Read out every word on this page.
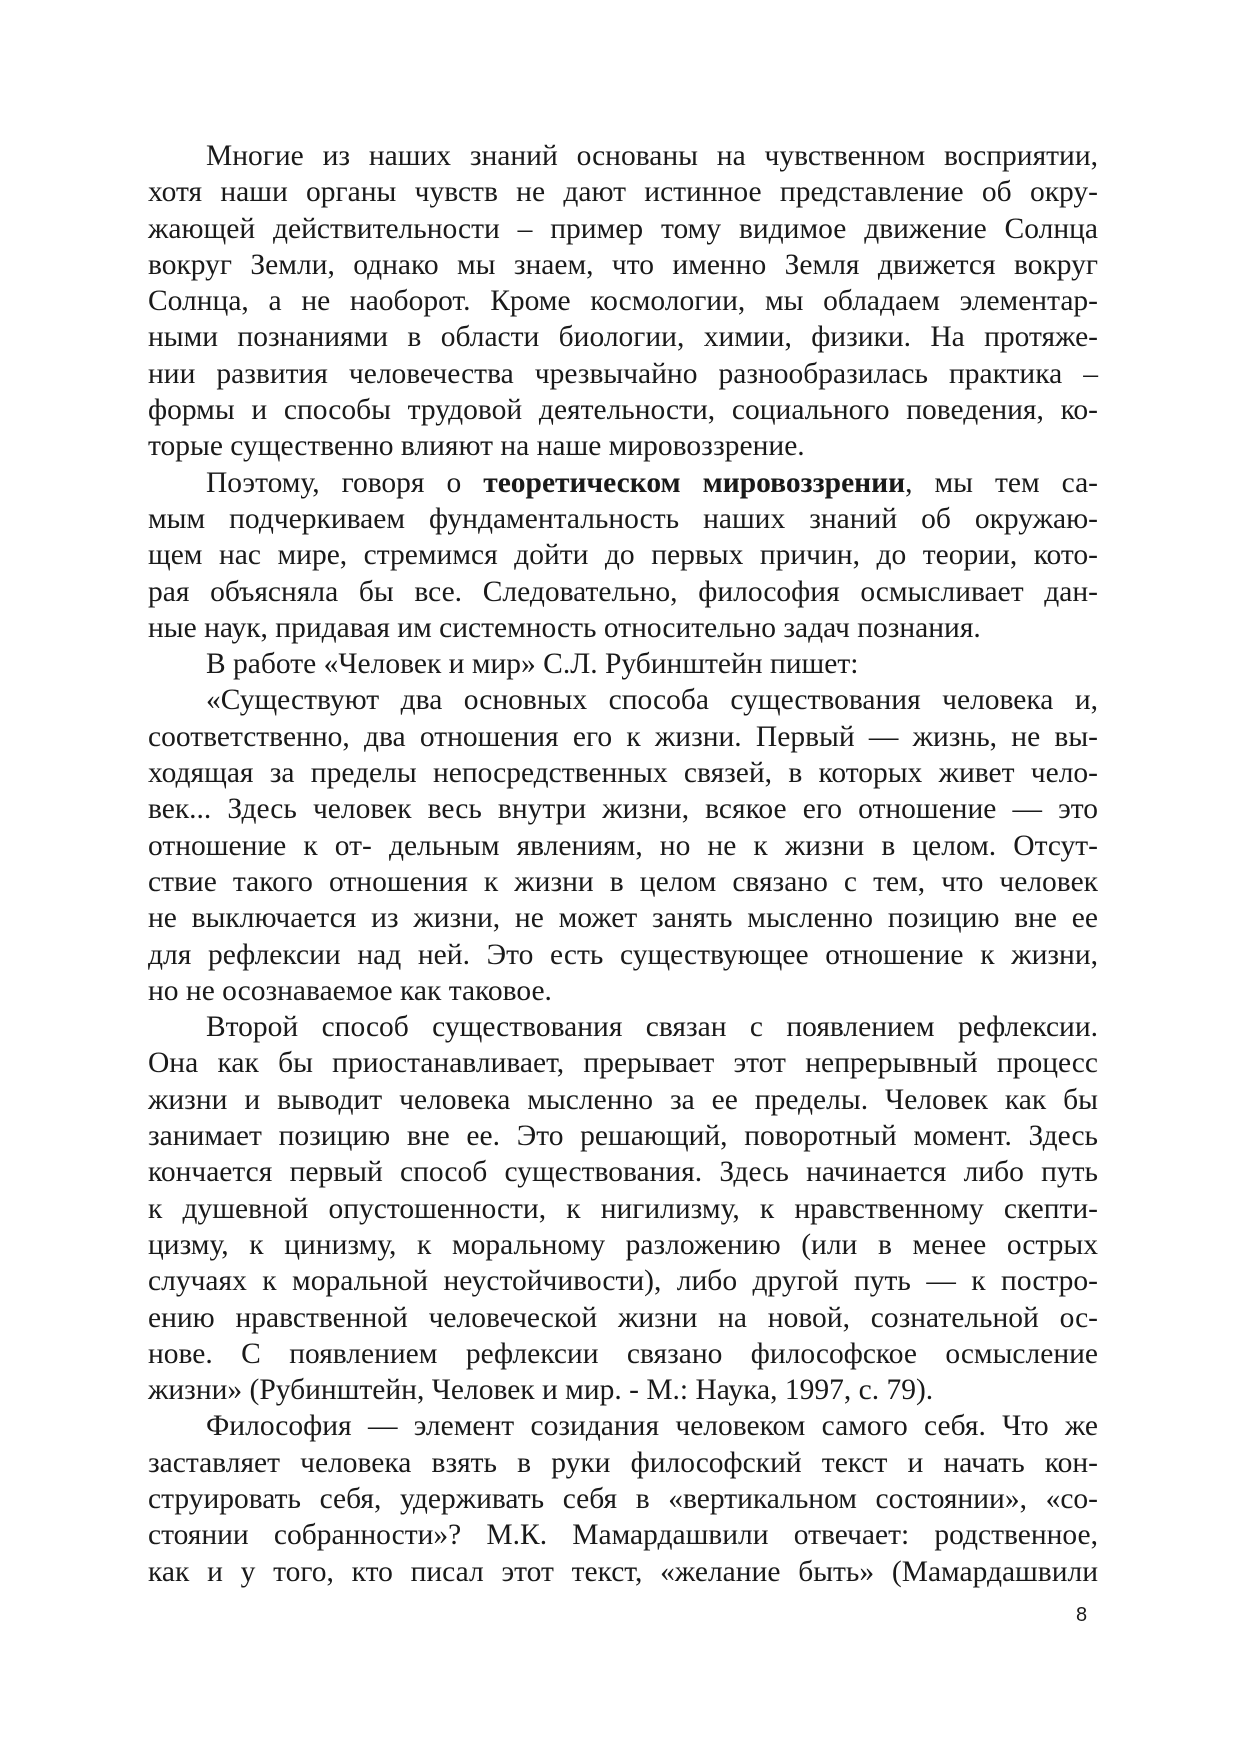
Многие из наших знаний основаны на чувственном восприятии,
хотя наши органы чувств не дают истинное представление об окру-
жающей действительности – пример тому видимое движение Солнца
вокруг Земли, однако мы знаем, что именно Земля движется вокруг
Солнца, а не наоборот. Кроме космологии, мы обладаем элементар-
ными познаниями в области биологии, химии, физики. На протяже-
нии развития человечества чрезвычайно разнообразилась практика –
формы и способы трудовой деятельности, социального поведения, ко-
торые существенно влияют на наше мировоззрение.

Поэтому, говоря о теоретическом мировоззрении, мы тем са-
мым подчеркиваем фундаментальность наших знаний об окружаю-
щем нас мире, стремимся дойти до первых причин, до теории, кото-
рая объясняла бы все. Следовательно, философия осмысливает дан-
ные наук, придавая им системность относительно задач познания.

В работе «Человек и мир» С.Л. Рубинштейн пишет:

«Существуют два основных способа существования человека и,
соответственно, два отношения его к жизни. Первый — жизнь, не вы-
ходящая за пределы непосредственных связей, в которых живет чело-
век... Здесь человек весь внутри жизни, всякое его отношение — это
отношение к от- дельным явлениям, но не к жизни в целом. Отсут-
ствие такого отношения к жизни в целом связано с тем, что человек
не выключается из жизни, не может занять мысленно позицию вне ее
для рефлексии над ней. Это есть существующее отношение к жизни,
но не осознаваемое как таковое.

Второй способ существования связан с появлением рефлексии.
Она как бы приостанавливает, прерывает этот непрерывный процесс
жизни и выводит человека мысленно за ее пределы. Человек как бы
занимает позицию вне ее. Это решающий, поворотный момент. Здесь
кончается первый способ существования. Здесь начинается либо путь
к душевной опустошенности, к нигилизму, к нравственному скепти-
цизму, к цинизму, к моральному разложению (или в менее острых
случаях к моральной неустойчивости), либо другой путь — к постро-
ению нравственной человеческой жизни на новой, сознательной ос-
нове. С появлением рефлексии связано философское осмысление
жизни» (Рубинштейн, Человек и мир. - М.: Наука, 1997, с. 79).

Философия — элемент созидания человеком самого себя. Что же
заставляет человека взять в руки философский текст и начать кон-
струировать себя, удерживать себя в «вертикальном состоянии», «со-
стоянии собранности»? М.К. Мамардашвили отвечает: родственное,
как и у того, кто писал этот текст, «желание быть» (Мамардашвили

8
